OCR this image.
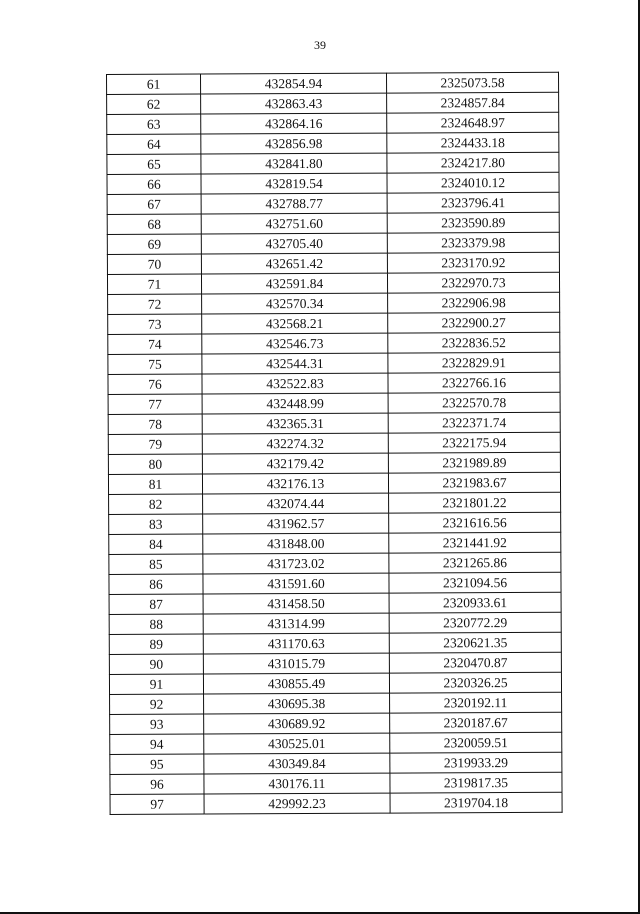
39
61	432854.94	2325073.58
62	432863.43	2324857.84
63	432864.16	2324648.97
64	432856.98	2324433.18
65	432841.80	2324217.80
66	432819.54	2324010.12
67	432788.77	2323796.41
68	432751.60	2323590.89
69	432705.40	2323379.98
70	432651.42	2323170.92
71	432591.84	2322970.73
72	432570.34	2322906.98
73	432568.21	2322900.27
74	432546.73	2322836.52
75	432544.31	2322829.91
76	432522.83	2322766.16
77	432448.99	2322570.78
78	432365.31	2322371.74
79	432274.32	2322175.94
80	432179.42	2321989.89
81	432176.13	2321983.67
82	432074.44	2321801.22
83	431962.57	2321616.56
84	431848.00	2321441.92
85	431723.02	2321265.86
86	431591.60	2321094.56
87	431458.50	2320933.61
88	431314.99	2320772.29
89	431170.63	2320621.35
90	431015.79	2320470.87
91	430855.49	2320326.25
92	430695.38	2320192.11
93	430689.92	2320187.67
94	430525.01	2320059.51
95	430349.84	2319933.29
96	430176.11	2319817.35
97	429992.23	2319704.18
